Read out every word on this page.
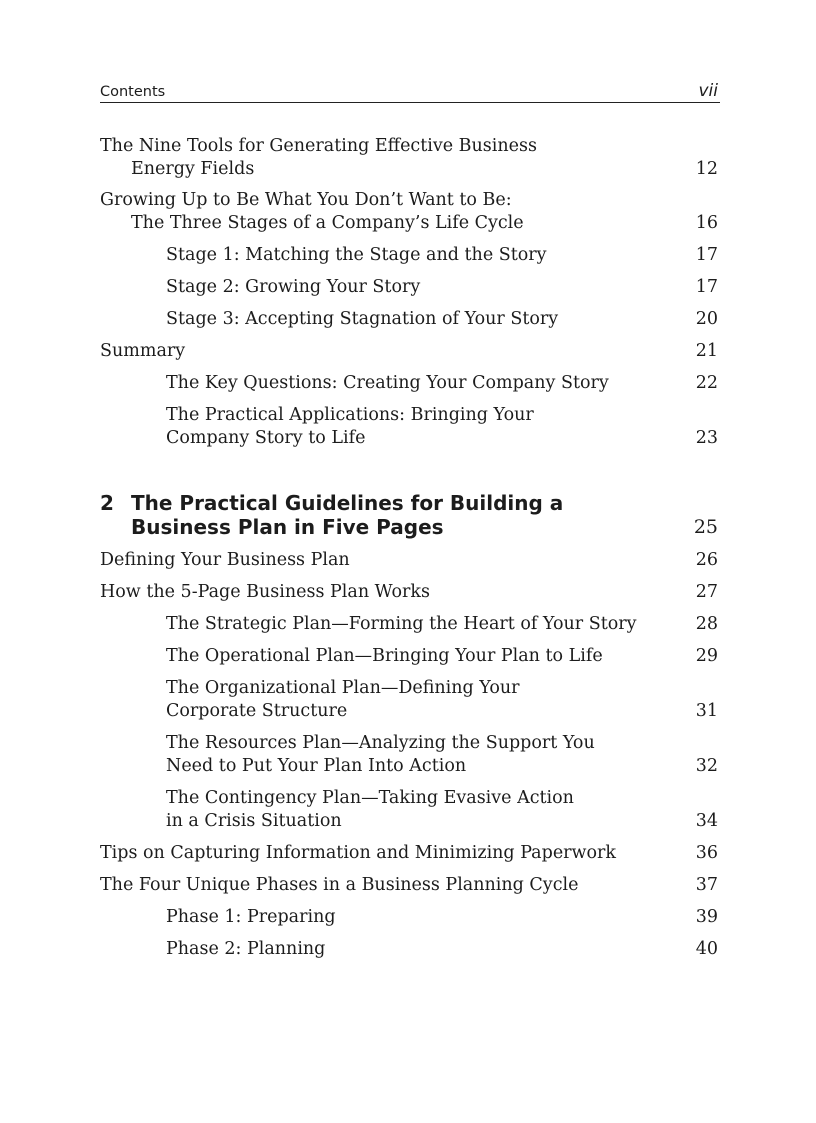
Contents	vii
The Nine Tools for Generating Effective Business
Energy Fields	12
Growing Up to Be What You Don’t Want to Be:
The Three Stages of a Company’s Life Cycle	16
Stage 1: Matching the Stage and the Story	17
Stage 2: Growing Your Story	17
Stage 3: Accepting Stagnation of Your Story	20
Summary	21
The Key Questions: Creating Your Company Story	22
The Practical Applications: Bringing Your
Company Story to Life	23
2 The Practical Guidelines for Building a
Business Plan in Five Pages	25
Defining Your Business Plan	26
How the 5-Page Business Plan Works	27
The Strategic Plan—Forming the Heart of Your Story	28
The Operational Plan—Bringing Your Plan to Life	29
The Organizational Plan—Defining Your
Corporate Structure	31
The Resources Plan—Analyzing the Support You
Need to Put Your Plan Into Action	32
The Contingency Plan—Taking Evasive Action
in a Crisis Situation	34
Tips on Capturing Information and Minimizing Paperwork	36
The Four Unique Phases in a Business Planning Cycle	37
Phase 1: Preparing	39
Phase 2: Planning	40
